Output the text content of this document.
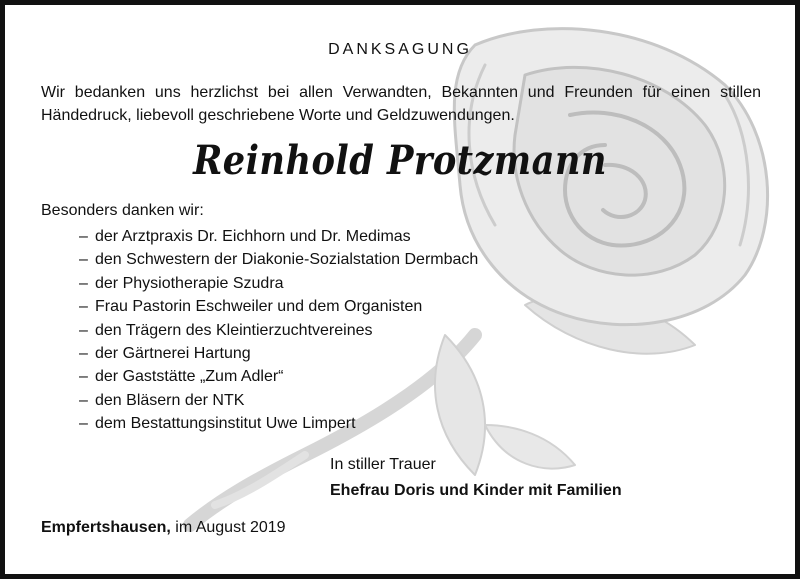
DANKSAGUNG
Wir bedanken uns herzlichst bei allen Verwandten, Bekannten und Freunden für einen stillen Händedruck, liebevoll geschriebene Worte und Geldzuwendungen.
Reinhold Protzmann
Besonders danken wir:
– der Arztpraxis Dr. Eichhorn und Dr. Medimas
– den Schwestern der Diakonie-Sozialstation Dermbach
– der Physiotherapie Szudra
– Frau Pastorin Eschweiler und dem Organisten
– den Trägern des Kleintierzuchtvereines
– der Gärtnerei Hartung
– der Gaststätte „Zum Adler“
– den Bläsern der NTK
– dem Bestattungsinstitut Uwe Limpert
In stiller Trauer
Ehefrau Doris und Kinder mit Familien
Empfertshausen, im August 2019
